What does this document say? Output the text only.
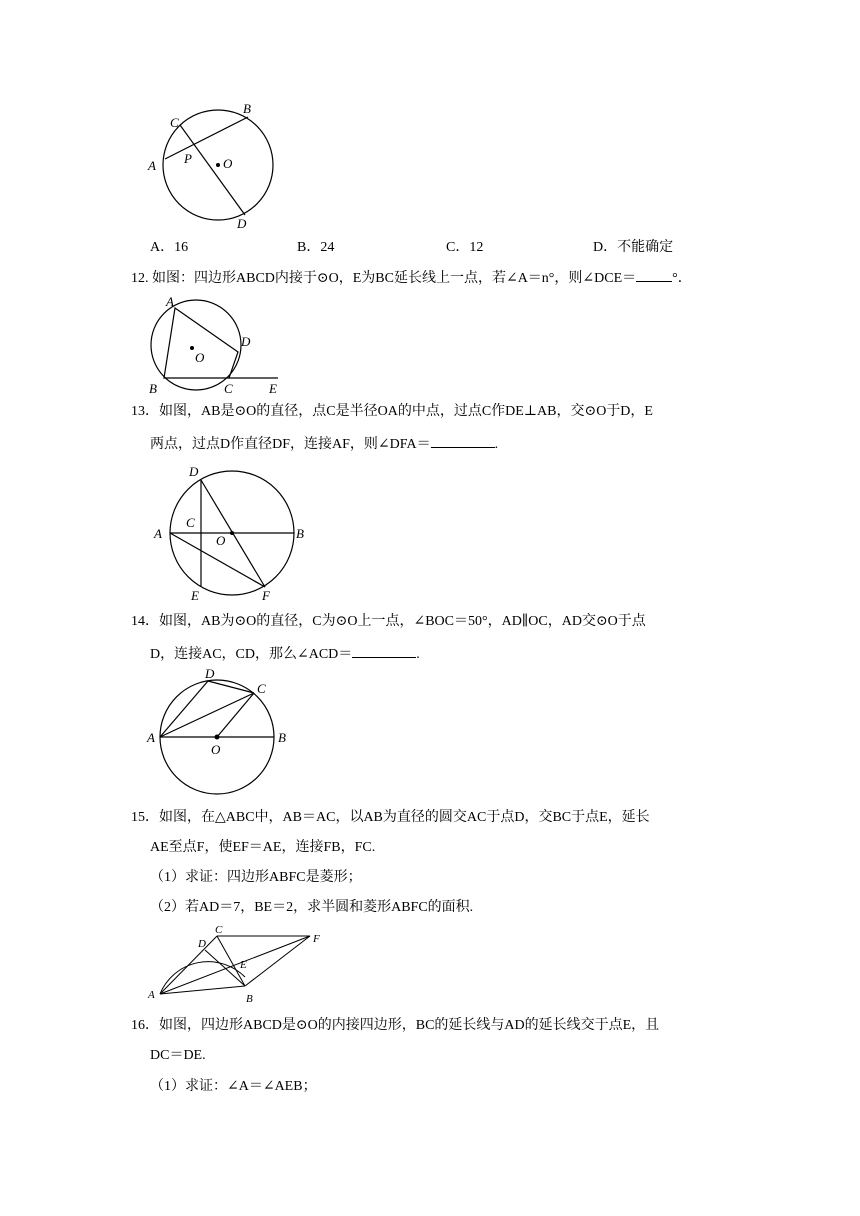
C
B
A P O
D
A．16	B．24	C．12	D．不能确定
12. 如图：四边形ABCD内接于⊙O，E为BC延长线上一点，若∠A＝n°，则∠DCE＝	°．
A
D
O
B	C	E
13．如图，AB是⊙O的直径，点C是半径OA的中点，过点C作DE⊥AB，交⊙O于D，E
两点，过点D作直径DF，连接AF，则∠DFA＝	.
D
C
A	O	B
E	F
14．如图，AB为⊙O的直径，C为⊙O上一点，∠BOC＝50°，AD∥OC，AD交⊙O于点
D，连接AC，CD，那么∠ACD＝	.
D
C
A
O
B
15．如图，在△ABC中，AB＝AC，以AB为直径的圆交AC于点D，交BC于点E，延长
AE至点F，使EF＝AE，连接FB，FC.
（1）求证：四边形ABFC是菱形；
（2）若AD＝7，BE＝2，求半圆和菱形ABFC的面积.
C
F
D
E
A	B
16．如图，四边形ABCD是⊙O的内接四边形，BC的延长线与AD的延长线交于点E，且
DC＝DE.
（1）求证：∠A＝∠AEB；
